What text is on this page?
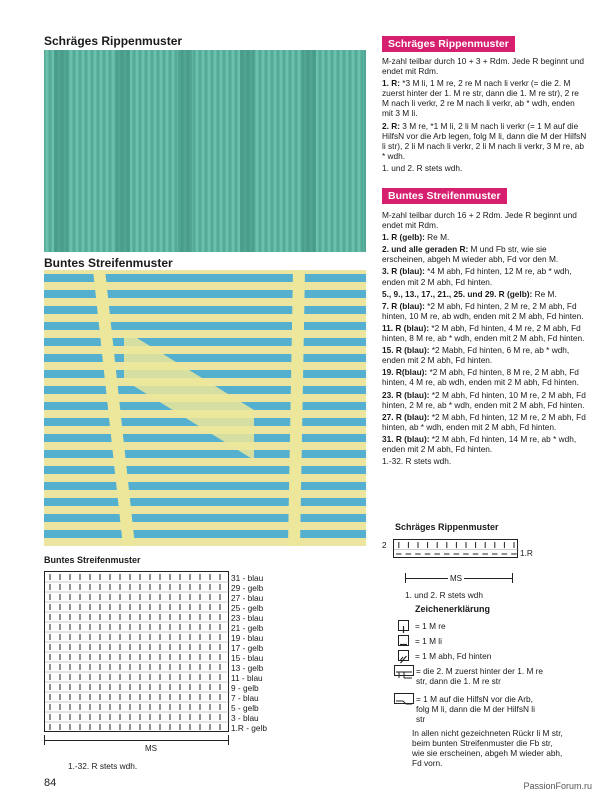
Schräges Rippenmuster
Buntes Streifenmuster
Schräges Rippenmuster

M-zahl teilbar durch 10 + 3 + Rdm. Jede R beginnt und endet mit Rdm.

1. R: *3 M li, 1 M re, 2 re M nach li verkr (= die 2. M zuerst hinter der 1. M re str, dann die 1. M re str), 2 re M nach li verkr, 2 re M nach li verkr, ab * wdh, enden mit 3 M li.

2. R: 3 M re, *1 M li, 2 li M nach li verkr (= 1 M auf die HilfsN vor die Arb legen, folg M li, dann die M der HilfsN li str), 2 li M nach li verkr, 2 li M nach li verkr, 3 M re, ab * wdh.

1. und 2. R stets wdh.

Buntes Streifenmuster

M-zahl teilbar durch 16 + 2 Rdm. Jede R beginnt und endet mit Rdm.

1. R (gelb): Re M.

2. und alle geraden R: M und Fb str, wie sie erscheinen, abgeh M wieder abh, Fd vor den M.

3. R (blau): *4 M abh, Fd hinten, 12 M re, ab * wdh, enden mit 2 M abh, Fd hinten.

5., 9., 13., 17., 21., 25. und 29. R (gelb): Re M.

7. R (blau): *2 M abh, Fd hinten, 2 M re, 2 M abh, Fd hinten, 10 M re, ab wdh, enden mit 2 M abh, Fd hinten.

11. R (blau): *2 M abh, Fd hinten, 4 M re, 2 M abh, Fd hinten, 8 M re, ab * wdh, enden mit 2 M abh, Fd hinten.

15. R (blau): *2 Mabh, Fd hinten, 6 M re, ab * wdh, enden mit 2 M abh, Fd hinten.

19. R(blau): *2 M abh, Fd hinten, 8 M re, 2 M abh, Fd hinten, 4 M re, ab wdh, enden mit 2 M abh, Fd hinten.

23. R (blau): *2 M abh, Fd hinten, 10 M re, 2 M abh, Fd hinten, 2 M re, ab * wdh, enden mit 2 M abh, Fd hinten.

27. R (blau): *2 M abh, Fd hinten, 12 M re, 2 M abh, Fd hinten, ab * wdh, enden mit 2 M abh, Fd hinten.

31. R (blau): *2 M abh, Fd hinten, 14 M re, ab * wdh, enden mit 2 M abh, Fd hinten.

1.-32. R stets wdh.

Buntes Streifenmuster
31 - blau
29 - gelb
27 - blau
25 - gelb
23 - blau
21 - gelb
19 - blau
17 - gelb
15 - blau
13 - gelb
11 - blau
9 - gelb
7 - blau
5 - gelb
3 - blau
1.R - gelb
MS
1.-32. R stets wdh.
84
Schräges Rippenmuster
2
1.R
MS
1. und 2. R stets wdh
Zeichenerklärung
= 1 M re
= 1 M li
= 1 M abh, Fd hinten
= die 2. M zuerst hinter der 1. M re str, dann die 1. M re str
= 1 M auf die HilfsN vor die Arb, folg M li, dann die M der HilfsN li str
In allen nicht gezeichneten Rückr li M str, beim bunten Streifenmuster die Fb str, wie sie erscheinen, abgeh M wieder abh, Fd vorn.
PassionForum.ru
